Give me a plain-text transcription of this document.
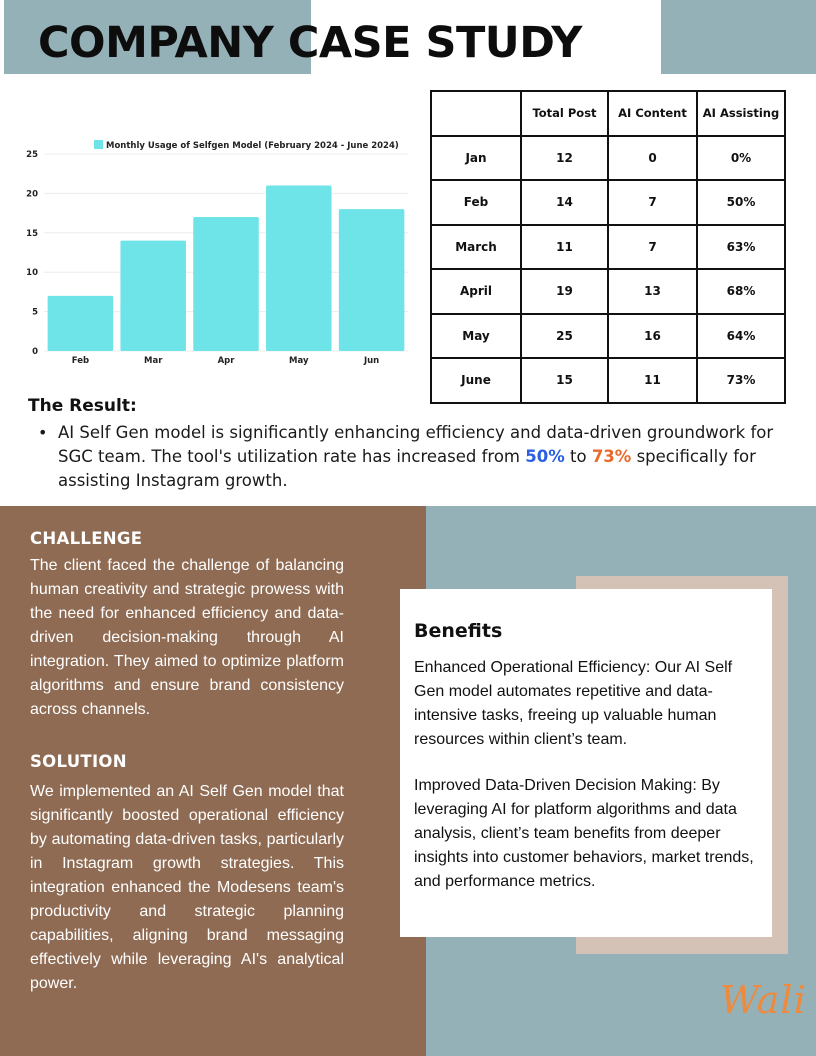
COMPANY CASE STUDY
0
5
10
15
20
25
Feb	Mar	Apr	May	Jun
Monthly Usage of Selfgen Model (February 2024 - June 2024)
	Total Post	AI Content	AI Assisting
Jan	12	0	0%
Feb	14	7	50%
March	11	7	63%
April	19	13	68%
May	25	16	64%
June	15	11	73%
The Result:
• AI Self Gen model is significantly enhancing efficiency and data-driven groundwork for SGC team. The tool's utilization rate has increased from 50% to 73% specifically for assisting Instagram growth.
CHALLENGE
The client faced the challenge of balancing human creativity and strategic prowess with the need for enhanced efficiency and data-driven decision-making through AI integration. They aimed to optimize platform algorithms and ensure brand consistency across channels.
SOLUTION
We implemented an AI Self Gen model that significantly boosted operational efficiency by automating data-driven tasks, particularly in Instagram growth strategies. This integration enhanced the Modesens team's productivity and strategic planning capabilities, aligning brand messaging effectively while leveraging AI's analytical power.
Benefits
Enhanced Operational Efficiency: Our AI Self Gen model automates repetitive and data-intensive tasks, freeing up valuable human resources within client’s team.
Improved Data-Driven Decision Making: By leveraging AI for platform algorithms and data analysis, client’s team benefits from deeper insights into customer behaviors, market trends, and performance metrics.
Wali
